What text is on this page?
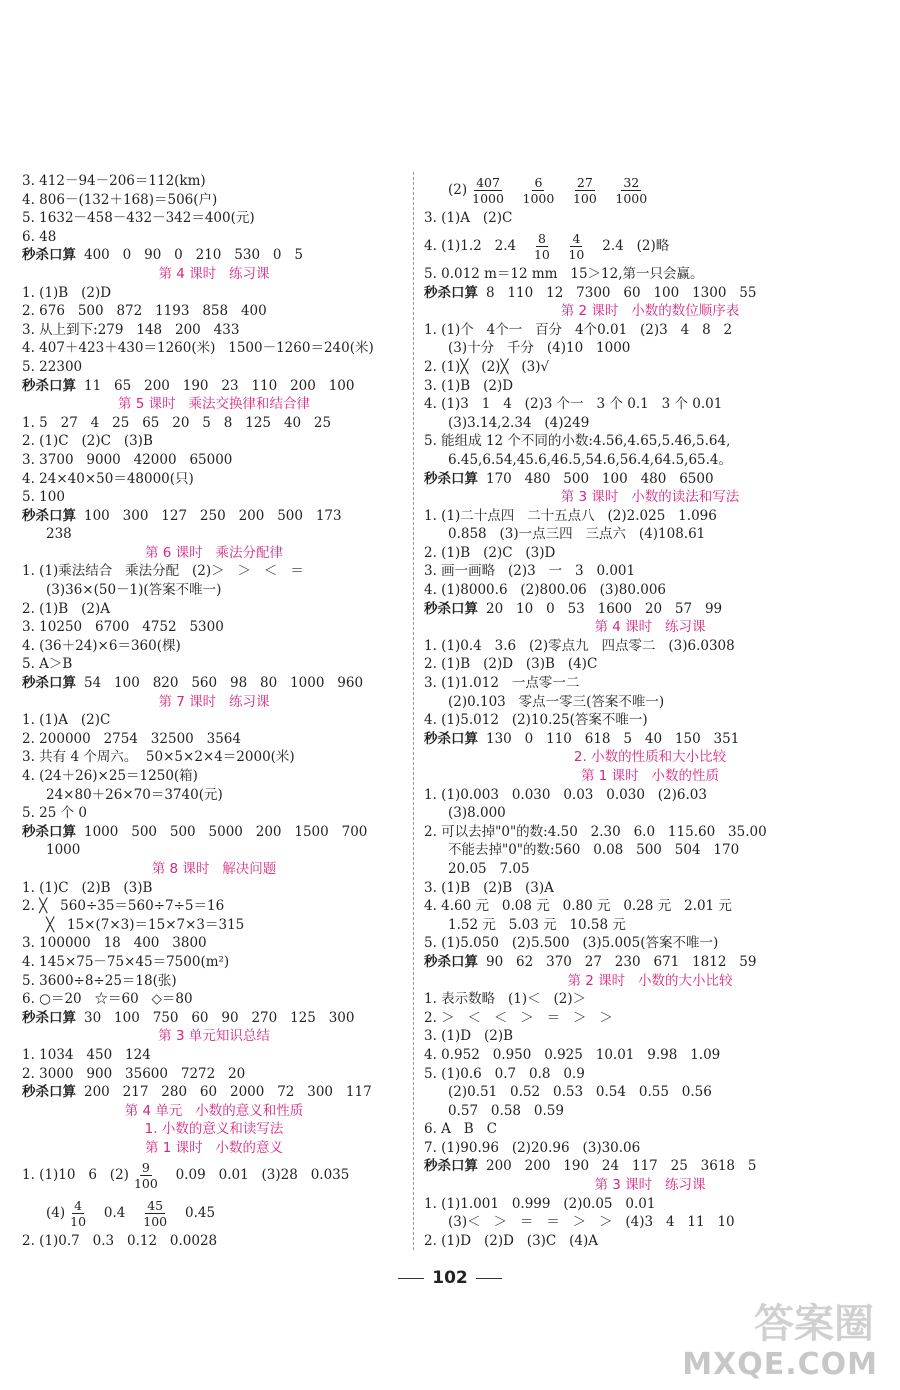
3. 412－94－206＝112(km)
4. 806－(132＋168)＝506(户)
5. 1632－458－432－342＝400(元)
6. 48
秒杀口算 400   0   90   0   210   530   0   5
第 4 课时   练习课
1. (1)B   (2)D
2. 676   500   872   1193   858   400
3. 从上到下:279   148   200   433
4. 407＋423＋430＝1260(米)   1500－1260＝240(米)
5. 22300
秒杀口算 11   65   200   190   23   110   200   100
第 5 课时   乘法交换律和结合律
1. 5   27   4   25   65   20   5   8   125   40   25
2. (1)C   (2)C   (3)B
3. 3700   9000   42000   65000
4. 24×40×50＝48000(只)
5. 100
秒杀口算 100   300   127   250   200   500   173
238
第 6 课时   乘法分配律
1. (1)乘法结合   乘法分配   (2)＞   ＞   ＜   ＝
(3)36×(50－1)(答案不唯一)
2. (1)B   (2)A
3. 10250   6700   4752   5300
4. (36＋24)×6＝360(棵)
5. A＞B
秒杀口算 54   100   820   560   98   80   1000   960
第 7 课时   练习课
1. (1)A   (2)C
2. 200000   2754   32500   3564
3. 共有 4 个周六。  50×5×2×4＝2000(米)
4. (24＋26)×25＝1250(箱)
24×80＋26×70＝3740(元)
5. 25 个 0
秒杀口算 1000   500   500   5000   200   1500   700
1000
第 8 课时   解决问题
1. (1)C   (2)B   (3)B
2. ╳   560÷35＝560÷7÷5＝16
╳   15×(7×3)＝15×7×3＝315
3. 100000   18   400   3800
4. 145×75－75×45＝7500(m²)
5. 3600÷8÷25＝18(张)
6. ○＝20   ☆＝60   ◇＝80
秒杀口算 30   100   750   60   90   270   125   300
第 3 单元知识总结
1. 1034   450   124
2. 3000   900   35600   7272   20
秒杀口算 200   217   280   60   2000   72   300   117
第 4 单元   小数的意义和性质
1. 小数的意义和读写法
第 1 课时   小数的意义
1. (1)10   6   $(2) \frac{9}{100} 0.09$   0.01   (3)28   0.035
$(4) \frac{4}{10} 0.4 \frac{45}{100} 0.45$
2. (1)0.7   0.3   0.12   0.0028
$(2) \frac{407}{1000}$
$\frac{6}{1000}$
$\frac{27}{100}$
$\frac{32}{1000}$
3. (1)A   (2)C
4. (1)1.2   $2.4 \frac{8}{10}$
$\frac{4}{10} 2.4$   (2)略
5. 0.012 m＝12 mm   15＞12,第一只会赢。
秒杀口算 8   110   12   7300   60   100   1300   55
第 2 课时   小数的数位顺序表
1. (1)个   4个一   百分   4个0.01   (2)3   4   8   2
(3)十分   千分   (4)10   1000
2. (1)╳   (2)╳   (3)√
3. (1)B   (2)D
4. (1)3   1   4   (2)3 个一   3 个 0.1   3 个 0.01
(3)3.14,2.34   (4)249
5. 能组成 12 个不同的小数:4.56,4.65,5.46,5.64,
6.45,6.54,45.6,46.5,54.6,56.4,64.5,65.4。
秒杀口算 170   480   500   100   480   6500
第 3 课时   小数的读法和写法
1. (1)二十点四   二十五点八   (2)2.025   1.096
0.858   (3)一点三四   三点六   (4)108.61
2. (1)B   (2)C   (3)D
3. 画一画略   (2)3   一   3   0.001
4. (1)8000.6   (2)800.06   (3)80.006
秒杀口算 20   10   0   53   1600   20   57   99
第 4 课时   练习课
1. (1)0.4   3.6   (2)零点九   四点零二   (3)6.0308
2. (1)B   (2)D   (3)B   (4)C
3. (1)1.012   一点零一二
(2)0.103   零点一零三(答案不唯一)
4. (1)5.012   (2)10.25(答案不唯一)
秒杀口算 130   0   110   618   5   40   150   351
2. 小数的性质和大小比较
第 1 课时   小数的性质
1. (1)0.003   0.030   0.03   0.030   (2)6.03
(3)8.000
2. 可以去掉"0"的数:4.50   2.30   6.0   115.60   35.00
不能去掉"0"的数:560   0.08   500   504   170
20.05   7.05
3. (1)B   (2)B   (3)A
4. 4.60 元   0.08 元   0.80 元   0.28 元   2.01 元
1.52 元   5.03 元   10.58 元
5. (1)5.050   (2)5.500   (3)5.005(答案不唯一)
秒杀口算 90   62   370   27   230   671   1812   59
第 2 课时   小数的大小比较
1. 表示数略   (1)＜   (2)＞
2. ＞   ＜   ＜   ＞   ＝   ＞   ＞
3. (1)D   (2)B
4. 0.952   0.950   0.925   10.01   9.98   1.09
5. (1)0.6   0.7   0.8   0.9
(2)0.51   0.52   0.53   0.54   0.55   0.56
0.57   0.58   0.59
6. A   B   C
7. (1)90.96   (2)20.96   (3)30.06
秒杀口算 200   200   190   24   117   25   3618   5
第 3 课时   练习课
1. (1)1.001   0.999   (2)0.05   0.01
(3)＜   ＞   ＝   ＝   ＞   ＞   (4)3   4   11   10
2. (1)D   (2)D   (3)C   (4)A
102
答案圈
MXQE.COM
